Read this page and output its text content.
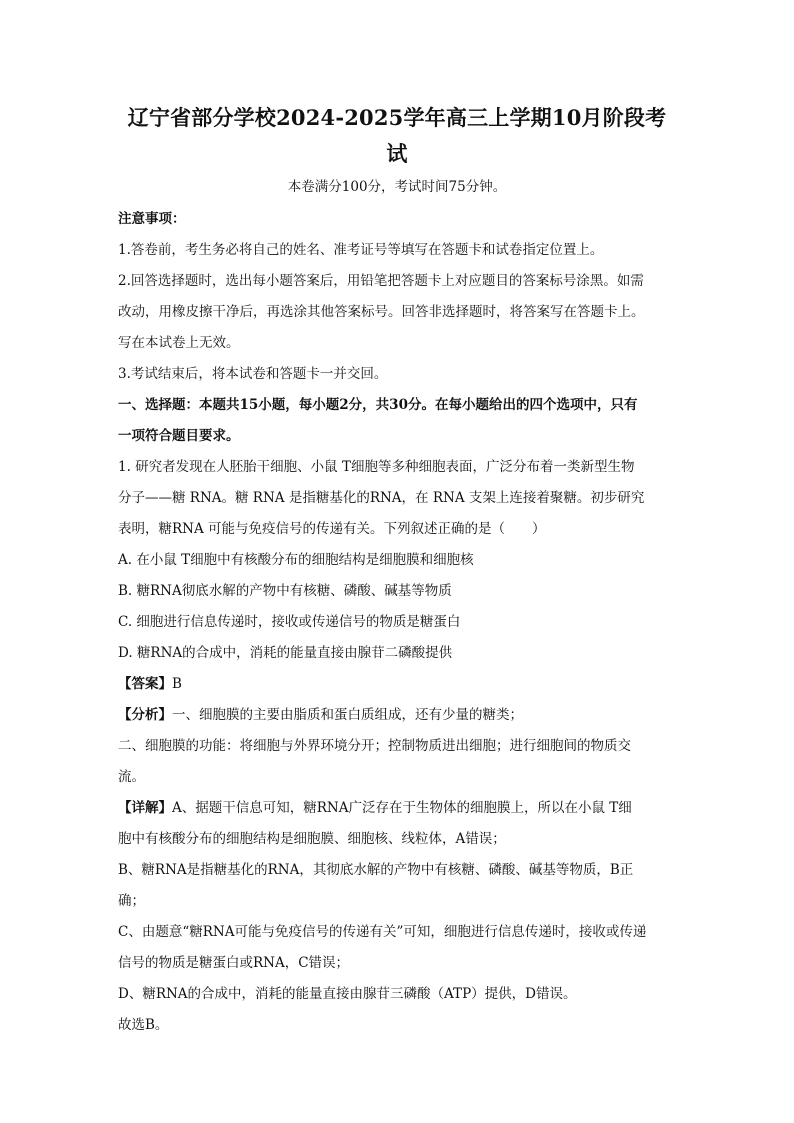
辽宁省部分学校2024-2025学年高三上学期10月阶段考试
本卷满分100分，考试时间75分钟。

注意事项：

1.答卷前，考生务必将自己的姓名、准考证号等填写在答题卡和试卷指定位置上。

2.回答选择题时，选出每小题答案后，用铅笔把答题卡上对应题目的答案标号涂黑。如需

改动，用橡皮擦干净后，再选涂其他答案标号。回答非选择题时，将答案写在答题卡上。

写在本试卷上无效。

3.考试结束后，将本试卷和答题卡一并交回。

一、选择题：本题共15小题，每小题2分，共30分。在每小题给出的四个选项中，只有

一项符合题目要求。

1. 研究者发现在人胚胎干细胞、小鼠 T细胞等多种细胞表面，广泛分布着一类新型生物

分子——糖 RNA。糖 RNA 是指糖基化的RNA，在 RNA 支架上连接着聚糖。初步研究

表明，糖RNA 可能与免疫信号的传递有关。下列叙述正确的是（　　）

A. 在小鼠 T细胞中有核酸分布的细胞结构是细胞膜和细胞核

B. 糖RNA彻底水解的产物中有核糖、磷酸、碱基等物质

C. 细胞进行信息传递时，接收或传递信号的物质是糖蛋白

D. 糖RNA的合成中，消耗的能量直接由腺苷二磷酸提供

【答案】B

【分析】一、细胞膜的主要由脂质和蛋白质组成，还有少量的糖类；

二、细胞膜的功能：将细胞与外界环境分开；控制物质进出细胞；进行细胞间的物质交

流。

【详解】A、据题干信息可知，糖RNA广泛存在于生物体的细胞膜上，所以在小鼠 T细

胞中有核酸分布的细胞结构是细胞膜、细胞核、线粒体，A错误；

B、糖RNA是指糖基化的RNA，其彻底水解的产物中有核糖、磷酸、碱基等物质，B正

确；

C、由题意“糖RNA可能与免疫信号的传递有关”可知，细胞进行信息传递时，接收或传递

信号的物质是糖蛋白或RNA，C错误；

D、糖RNA的合成中，消耗的能量直接由腺苷三磷酸（ATP）提供，D错误。

故选B。
